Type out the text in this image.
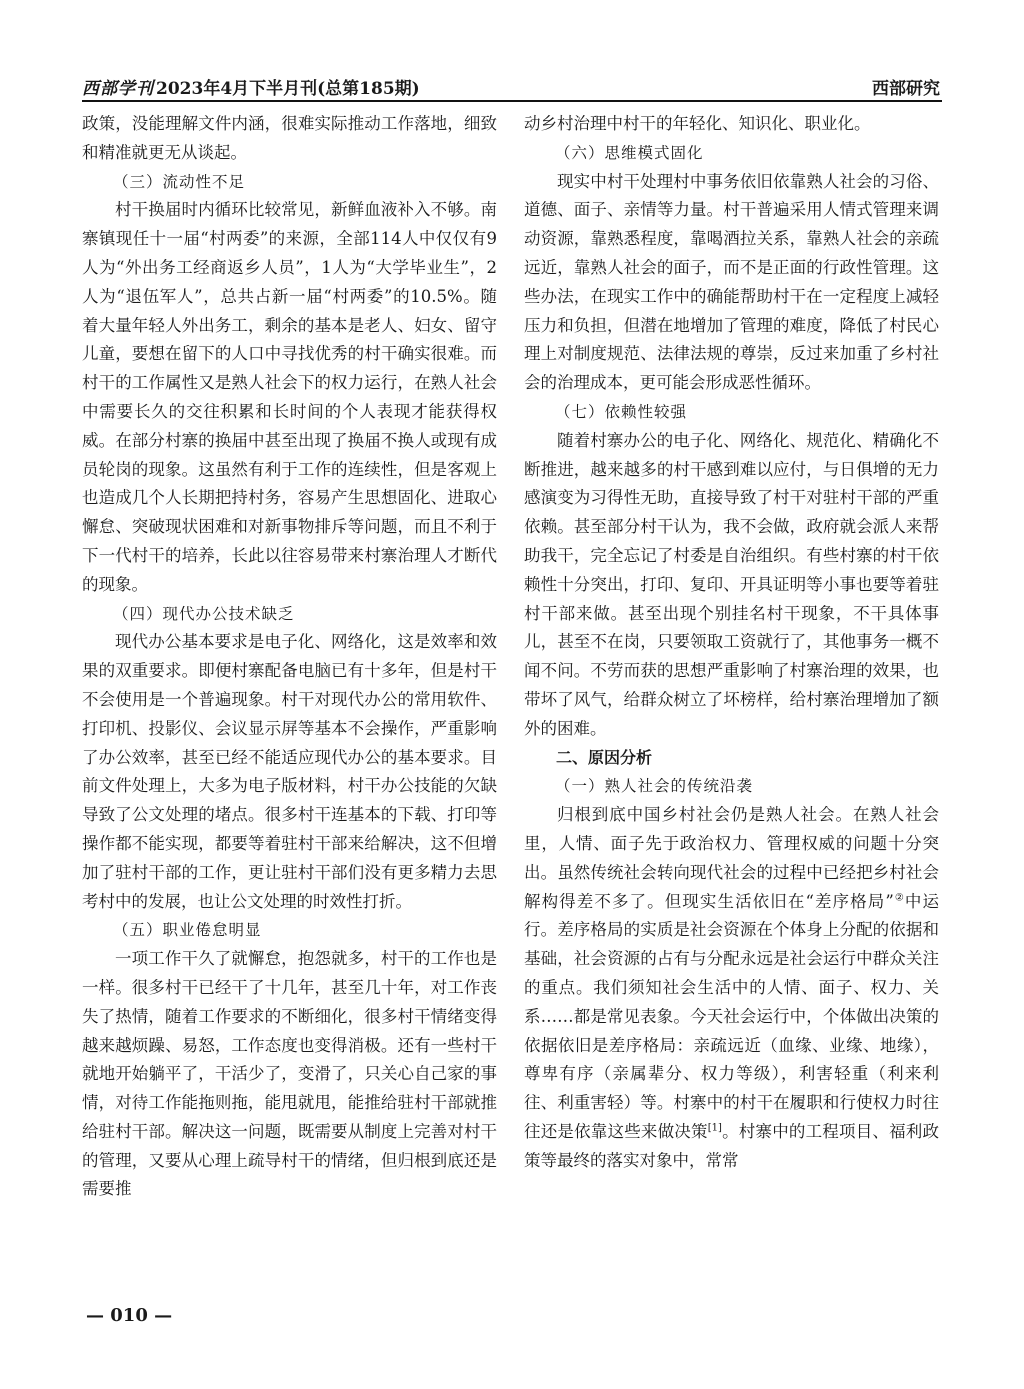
西部学刊 2023年4月下半月刊(总第185期)	西部研究

政策，没能理解文件内涵，很难实际推动工作落地，细致和精准就更无从谈起。

（三）流动性不足

村干换届时内循环比较常见，新鲜血液补入不够。南寨镇现任十一届“村两委”的来源，全部114人中仅仅有9人为“外出务工经商返乡人员”，1人为“大学毕业生”，2人为“退伍军人”，总共占新一届“村两委”的10.5%。随着大量年轻人外出务工，剩余的基本是老人、妇女、留守儿童，要想在留下的人口中寻找优秀的村干确实很难。而村干的工作属性又是熟人社会下的权力运行，在熟人社会中需要长久的交往积累和长时间的个人表现才能获得权威。在部分村寨的换届中甚至出现了换届不换人或现有成员轮岗的现象。这虽然有利于工作的连续性，但是客观上也造成几个人长期把持村务，容易产生思想固化、进取心懈怠、突破现状困难和对新事物排斥等问题，而且不利于下一代村干的培养，长此以往容易带来村寨治理人才断代的现象。

（四）现代办公技术缺乏

现代办公基本要求是电子化、网络化，这是效率和效果的双重要求。即便村寨配备电脑已有十多年，但是村干不会使用是一个普遍现象。村干对现代办公的常用软件、打印机、投影仪、会议显示屏等基本不会操作，严重影响了办公效率，甚至已经不能适应现代办公的基本要求。目前文件处理上，大多为电子版材料，村干办公技能的欠缺导致了公文处理的堵点。很多村干连基本的下载、打印等操作都不能实现，都要等着驻村干部来给解决，这不但增加了驻村干部的工作，更让驻村干部们没有更多精力去思考村中的发展，也让公文处理的时效性打折。

（五）职业倦怠明显

一项工作干久了就懈怠，抱怨就多，村干的工作也是一样。很多村干已经干了十几年，甚至几十年，对工作丧失了热情，随着工作要求的不断细化，很多村干情绪变得越来越烦躁、易怒，工作态度也变得消极。还有一些村干就地开始躺平了，干活少了，变滑了，只关心自己家的事情，对待工作能拖则拖，能甩就甩，能推给驻村干部就推给驻村干部。解决这一问题，既需要从制度上完善对村干的管理，又要从心理上疏导村干的情绪，但归根到底还是需要推

动乡村治理中村干的年轻化、知识化、职业化。

（六）思维模式固化

现实中村干处理村中事务依旧依靠熟人社会的习俗、道德、面子、亲情等力量。村干普遍采用人情式管理来调动资源，靠熟悉程度，靠喝酒拉关系，靠熟人社会的亲疏远近，靠熟人社会的面子，而不是正面的行政性管理。这些办法，在现实工作中的确能帮助村干在一定程度上减轻压力和负担，但潜在地增加了管理的难度，降低了村民心理上对制度规范、法律法规的尊崇，反过来加重了乡村社会的治理成本，更可能会形成恶性循环。

（七）依赖性较强

随着村寨办公的电子化、网络化、规范化、精确化不断推进，越来越多的村干感到难以应付，与日俱增的无力感演变为习得性无助，直接导致了村干对驻村干部的严重依赖。甚至部分村干认为，我不会做，政府就会派人来帮助我干，完全忘记了村委是自治组织。有些村寨的村干依赖性十分突出，打印、复印、开具证明等小事也要等着驻村干部来做。甚至出现个别挂名村干现象，不干具体事儿，甚至不在岗，只要领取工资就行了，其他事务一概不闻不问。不劳而获的思想严重影响了村寨治理的效果，也带坏了风气，给群众树立了坏榜样，给村寨治理增加了额外的困难。

二、原因分析

（一）熟人社会的传统沿袭

归根到底中国乡村社会仍是熟人社会。在熟人社会里，人情、面子先于政治权力、管理权威的问题十分突出。虽然传统社会转向现代社会的过程中已经把乡村社会解构得差不多了。但现实生活依旧在“差序格局”②中运行。差序格局的实质是社会资源在个体身上分配的依据和基础，社会资源的占有与分配永远是社会运行中群众关注的重点。我们须知社会生活中的人情、面子、权力、关系……都是常见表象。今天社会运行中，个体做出决策的依据依旧是差序格局：亲疏远近（血缘、业缘、地缘），尊卑有序（亲属辈分、权力等级），利害轻重（利来利往、利重害轻）等。村寨中的村干在履职和行使权力时往往还是依靠这些来做决策[1]。村寨中的工程项目、福利政策等最终的落实对象中，常常

— 010 —
